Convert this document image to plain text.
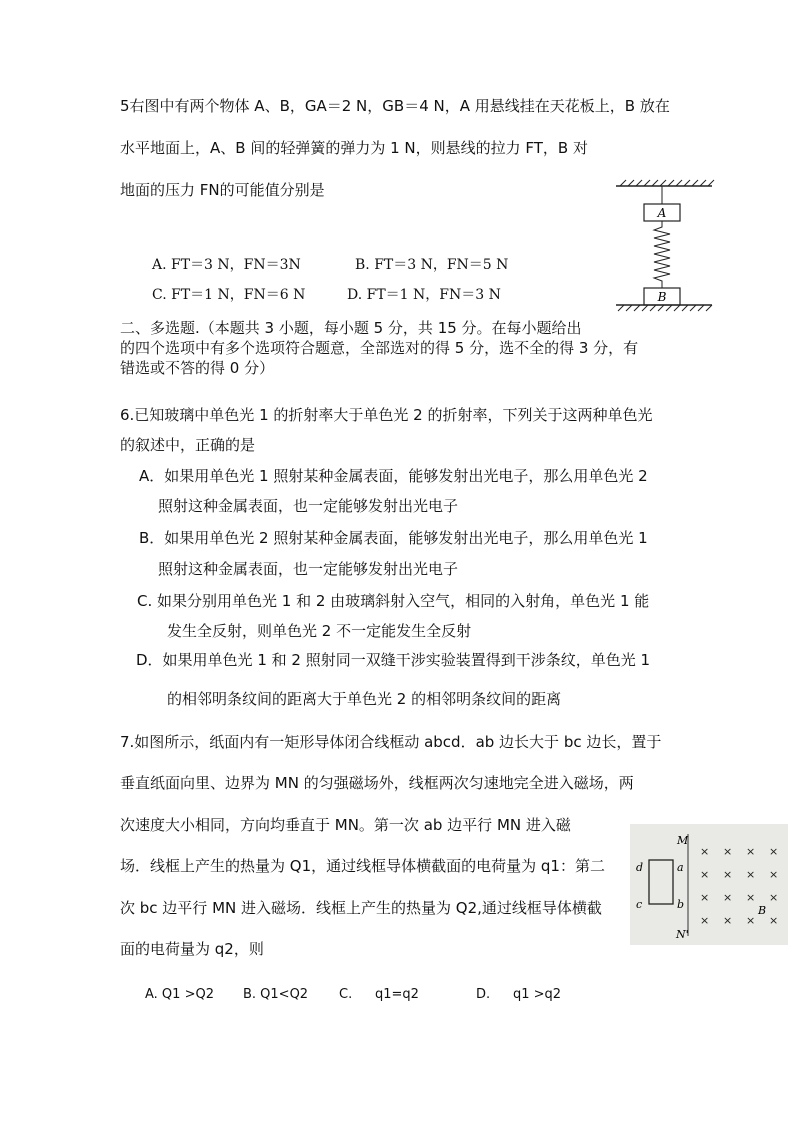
5右图中有两个物体 A、B，GA＝2 N，GB＝4 N，A 用悬线挂在天花板上，B 放在
水平地面上，A、B 间的轻弹簧的弹力为 1 N，则悬线的拉力 FT，B 对
地面的压力 FN的可能值分别是
A. FT＝3 N，FN＝3N	B. FT＝3 N，FN＝5 N
C. FT＝1 N，FN＝6 N	D. FT＝1 N，FN＝3 N
A
B
二、多选题.（本题共 3 小题，每小题 5 分，共 15 分。在每小题给出
的四个选项中有多个选项符合题意，全部选对的得 5 分，选不全的得 3 分，有
错选或不答的得 0 分）
6.已知玻璃中单色光 1 的折射率大于单色光 2 的折射率，下列关于这两种单色光
的叙述中，正确的是
A．如果用单色光 1 照射某种金属表面，能够发射出光电子，那么用单色光 2
照射这种金属表面，也一定能够发射出光电子
B．如果用单色光 2 照射某种金属表面，能够发射出光电子，那么用单色光 1
照射这种金属表面，也一定能够发射出光电子
C. 如果分别用单色光 1 和 2 由玻璃斜射入空气，相同的入射角，单色光 1 能
发生全反射，则单色光 2 不一定能发生全反射
D．如果用单色光 1 和 2 照射同一双缝干涉实验装置得到干涉条纹，单色光 1
的相邻明条纹间的距离大于单色光 2 的相邻明条纹间的距离
7.如图所示，纸面内有一矩形导体闭合线框动 abcd．ab 边长大于 bc 边长，置于
垂直纸面向里、边界为 MN 的匀强磁场外，线框两次匀速地完全进入磁场，两
次速度大小相同，方向均垂直于 MN。第一次 ab 边平行 MN 进入磁
场．线框上产生的热量为 Q1，通过线框导体横截面的电荷量为 q1：第二
次 bc 边平行 MN 进入磁场．线框上产生的热量为 Q2,通过线框导体横截
面的电荷量为 q2，则
A. Q1 >Q2 B. Q1<Q2 C. q1=q2	D. q1 >q2
M
N'
d	a
c	b
× × × ×
× × × ×
× × × ×
× × × ×
B
